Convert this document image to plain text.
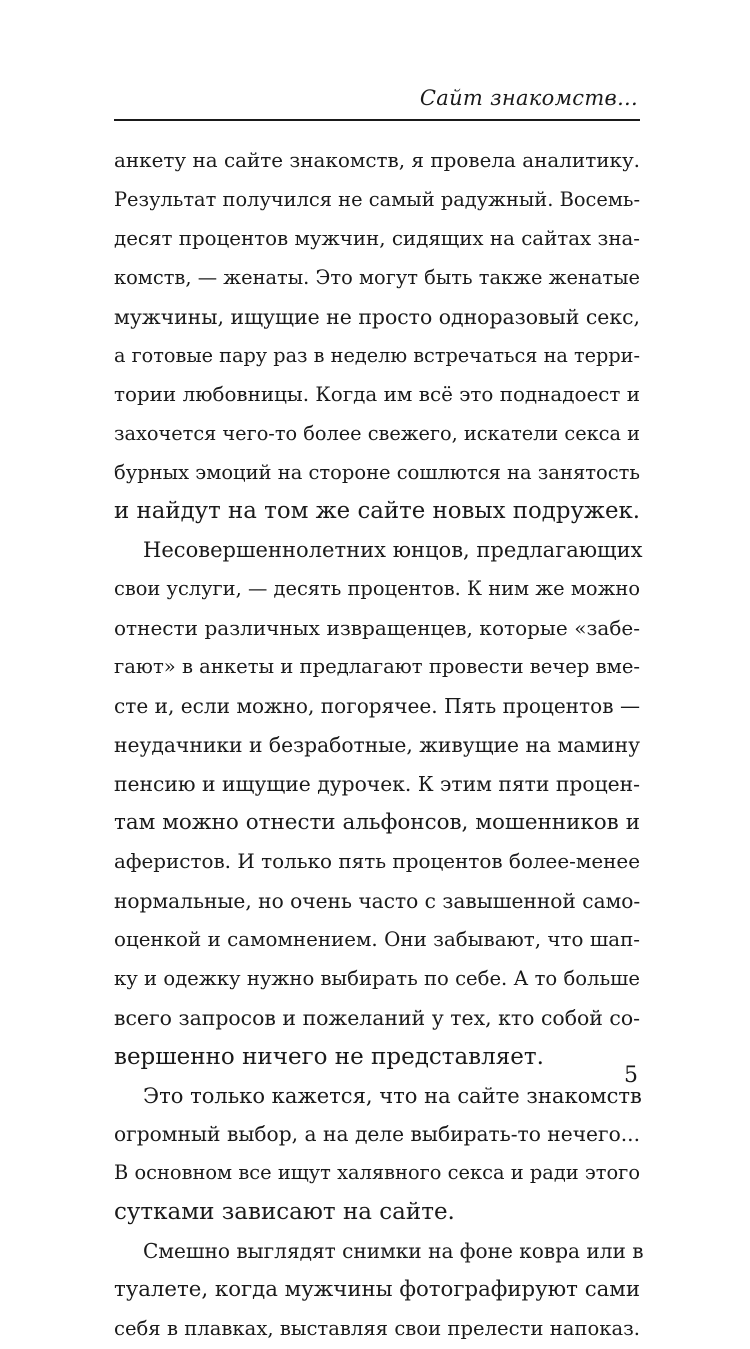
Сайт знакомств...
анкету на сайте знакомств, я провела аналитику.
Результат получился не самый радужный. Восемь-
десят процентов мужчин, сидящих на сайтах зна-
комств, — женаты. Это могут быть также женатые
мужчины, ищущие не просто одноразовый секс,
а готовые пару раз в неделю встречаться на терри-
тории любовницы. Когда им всё это поднадоест и
захочется чего-то более свежего, искатели секса и
бурных эмоций на стороне сошлются на занятость
и найдут на том же сайте новых подружек.
Несовершеннолетних юнцов, предлагающих
свои услуги, — десять процентов. К ним же можно
отнести различных извращенцев, которые «забе-
гают» в анкеты и предлагают провести вечер вме-
сте и, если можно, погорячее. Пять процентов —
неудачники и безработные, живущие на мамину
пенсию и ищущие дурочек. К этим пяти процен-
там можно отнести альфонсов, мошенников и
аферистов. И только пять процентов более-менее
нормальные, но очень часто с завышенной само-
оценкой и самомнением. Они забывают, что шап-
ку и одежку нужно выбирать по себе. А то больше
всего запросов и пожеланий у тех, кто собой со-
вершенно ничего не представляет.
Это только кажется, что на сайте знакомств
огромный выбор, а на деле выбирать-то нечего...
В основном все ищут халявного секса и ради этого
сутками зависают на сайте.
Смешно выглядят снимки на фоне ковра или в
туалете, когда мужчины фотографируют сами
себя в плавках, выставляя свои прелести напоказ.
5
